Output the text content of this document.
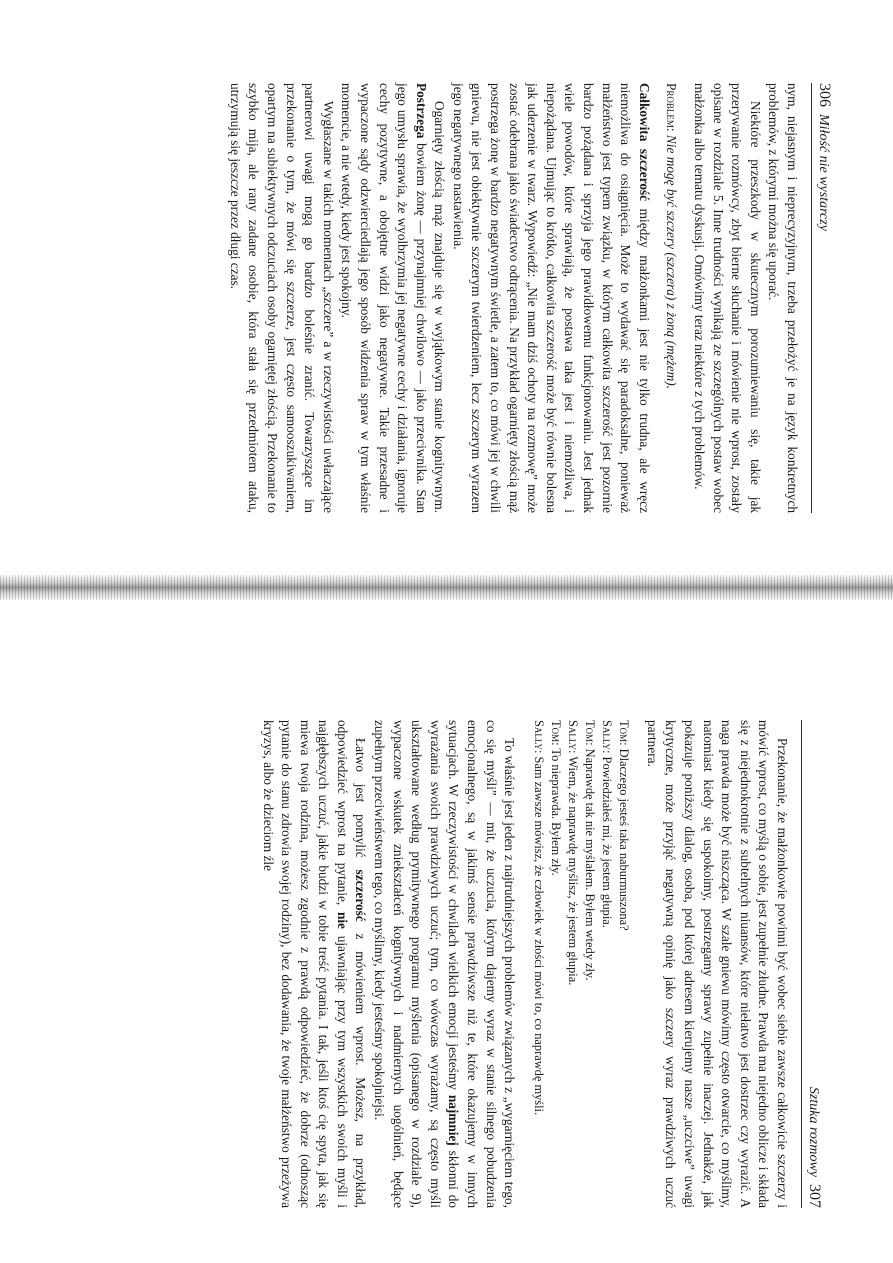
306  Miłość nie wystarczy

nym, niejasnym i nieprecyzyjnym, trzeba przełożyć je na język konkretnych problemów, z którymi można się uporać.

Niektóre przeszkody w skutecznym porozumiewaniu się, takie jak przerywanie rozmówcy, zbyt bierne słuchanie i mówienie nie wprost, zostały opisane w rozdziale 5. Inne trudności wynikają ze szczególnych postaw wobec małżonka albo tematu dyskusji. Omówimy teraz niektóre z tych problemów.

Problem: Nie mogę być szczery (szczera) z żoną (mężem).

Całkowita szczerość między małżonkami jest nie tylko trudna, ale wręcz niemożliwa do osiągnięcia. Może to wydawać się paradoksalne, ponieważ małżeństwo jest typem związku, w którym całkowita szczerość jest pozornie bardzo pożądana i sprzyja jego prawidłowemu funkcjonowaniu. Jest jednak wiele powodów, które sprawiają, że postawa taka jest i niemożliwa, i niepożądana. Ujmując to krótko, całkowita szczerość może być równie bolesna jak uderzenie w twarz. Wypowiedź: „Nie mam dziś ochoty na rozmowę” może zostać odebrana jako świadectwo odtrącenia. Na przykład ogarnięty złością mąż postrzega żonę w bardzo negatywnym świetle, a zatem to, co mówi jej w chwili gniewu, nie jest obiektywnie szczerym twierdzeniem, lecz szczerym wyrazem jego negatywnego nastawienia.

Ogarnięty złością mąż znajduje się w wyjątkowym stanie kognitywnym. Postrzega bowiem żonę — przynajmniej chwilowo — jako przeciwnika. Stan jego umysłu sprawia, że wyolbrzymia jej negatywne cechy i działania, ignoruje cechy pozytywne, a obojętne widzi jako negatywne. Takie przesadne i wypaczone sądy odzwierciedlają jego sposób widzenia spraw w tym właśnie momencie, a nie wtedy, kiedy jest spokojny.

Wygłaszane w takich momentach „szczere” a w rzeczywistości uwłaczające partnerowi uwagi mogą go bardzo boleśnie zranić. Towarzyszące im przekonanie o tym, że mówi się szczerze, jest często samooszukiwaniem, opartym na subiektywnych odczuciach osoby ogarniętej złością. Przekonanie to szybko mija, ale rany zadane osobie, która stała się przedmiotem ataku, utrzymują się jeszcze przez długi czas.

Sztuka rozmowy  307

Przekonanie, że małżonkowie powinni być wobec siebie zawsze całkowicie szczerzy i mówić wprost, co myślą o sobie, jest zupełnie złudne. Prawda ma niejedno oblicze i składa się z niejednokrotnie z subtelnych niuansów, które niełatwo jest dostrzec czy wyrazić. A naga prawda może być niszcząca. W szale gniewu mówimy często otwarcie, co myślimy, natomiast kiedy się uspokoimy, postrzegamy sprawy zupełnie inaczej. Jednakże, jak pokazuje poniższy dialog, osoba, pod której adresem kierujemy nasze „uczciwe” uwagi krytyczne, może przyjąć negatywną opinię jako szczery wyraz prawdziwych uczuć partnera.

Tom: Dlaczego jesteś taka naburmuszona?
Sally: Powiedziałeś mi, że jestem głupia.
Tom: Naprawdę tak nie myślałem. Byłem wtedy zły.
Sally: Wiem, że naprawdę myślisz, że jestem głupia.
Tom: To nieprawda. Byłem zły.
Sally: Sam zawsze mówisz, że człowiek w złości mówi to, co naprawdę myśli.

To właśnie jest jeden z najtrudniejszych problemów związanych z „wygarnięciem tego, co się myśli” — mit, że uczucia, którym dajemy wyraz w stanie silnego pobudzenia emocjonalnego, są w jakimś sensie prawdziwsze niż te, które okazujemy w innych sytuacjach. W rzeczywistości w chwilach wielkich emocji jesteśmy najmniej skłonni do wyrażania swoich prawdziwych uczuć; tym, co wówczas wyrażamy, są często myśli ukształtowane według prymitywnego programu myślenia (opisanego w rozdziale 9), wypaczone wskutek zniekształceń kognitywnych i nadmiernych uogólnień, będące zupełnym przeciwieństwem tego, co myślimy, kiedy jesteśmy spokojniejsi.

Łatwo jest pomylić szczerość z mówieniem wprost. Możesz, na przykład, odpowiedzieć wprost na pytanie, nie ujawniając przy tym wszystkich swoich myśli i najgłębszych uczuć, jakie budzi w tobie treść pytania. I tak, jeśli ktoś cię spyta, jak się miewa twoja rodzina, możesz zgodnie z prawdą odpowiedzieć, że dobrze (odnosząc pytanie do stanu zdrowia swojej rodziny), bez dodawania, że twoje małżeństwo przeżywa kryzys, albo że dzieciom źle
